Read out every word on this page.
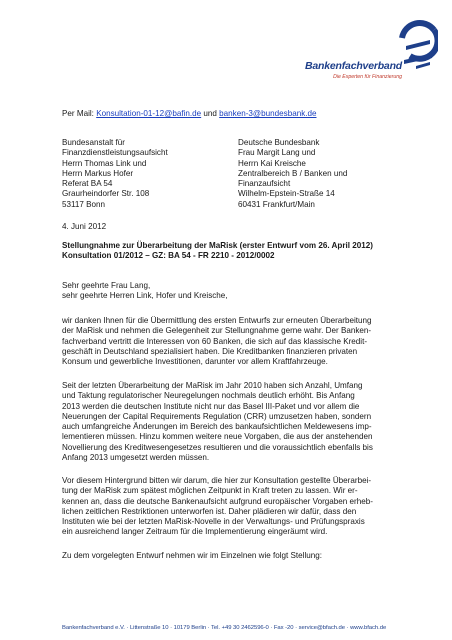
Bankenfachverband
Die Experten für Finanzierung
Per Mail: Konsultation-01-12@bafin.de und banken-3@bundesbank.de
Bundesanstalt für
Finanzdienstleistungsaufsicht
Herrn Thomas Link und
Herrn Markus Hofer
Referat BA 54
Graurheindorfer Str. 108
53117 Bonn
Deutsche Bundesbank
Frau Margit Lang und
Herrn Kai Kreische
Zentralbereich B / Banken und
Finanzaufsicht
Wilhelm-Epstein-Straße 14
60431 Frankfurt/Main
4. Juni 2012
Stellungnahme zur Überarbeitung der MaRisk (erster Entwurf vom 26. April 2012)
Konsultation 01/2012 – GZ: BA 54 - FR 2210 - 2012/0002
Sehr geehrte Frau Lang,
sehr geehrte Herren Link, Hofer und Kreische,
wir danken Ihnen für die Übermittlung des ersten Entwurfs zur erneuten Überarbeitung
der MaRisk und nehmen die Gelegenheit zur Stellungnahme gerne wahr. Der Banken-
fachverband vertritt die Interessen von 60 Banken, die sich auf das klassische Kredit-
geschäft in Deutschland spezialisiert haben. Die Kreditbanken finanzieren privaten
Konsum und gewerbliche Investitionen, darunter vor allem Kraftfahrzeuge.
Seit der letzten Überarbeitung der MaRisk im Jahr 2010 haben sich Anzahl, Umfang
und Taktung regulatorischer Neuregelungen nochmals deutlich erhöht. Bis Anfang
2013 werden die deutschen Institute nicht nur das Basel III-Paket und vor allem die
Neuerungen der Capital Requirements Regulation (CRR) umzusetzen haben, sondern
auch umfangreiche Änderungen im Bereich des bankaufsichtlichen Meldewesens imp-
lementieren müssen. Hinzu kommen weitere neue Vorgaben, die aus der anstehenden
Novellierung des Kreditwesengesetzes resultieren und die voraussichtlich ebenfalls bis
Anfang 2013 umgesetzt werden müssen.
Vor diesem Hintergrund bitten wir darum, die hier zur Konsultation gestellte Überarbei-
tung der MaRisk zum spätest möglichen Zeitpunkt in Kraft treten zu lassen. Wir er-
kennen an, dass die deutsche Bankenaufsicht aufgrund europäischer Vorgaben erheb-
lichen zeitlichen Restriktionen unterworfen ist. Daher plädieren wir dafür, dass den
Instituten wie bei der letzten MaRisk-Novelle in der Verwaltungs- und Prüfungspraxis
ein ausreichend langer Zeitraum für die Implementierung eingeräumt wird.
Zu dem vorgelegten Entwurf nehmen wir im Einzelnen wie folgt Stellung:
Bankenfachverband e.V. · Littenstraße 10 · 10179 Berlin · Tel. +49 30 2462596-0 · Fax -20 · service@bfach.de · www.bfach.de
